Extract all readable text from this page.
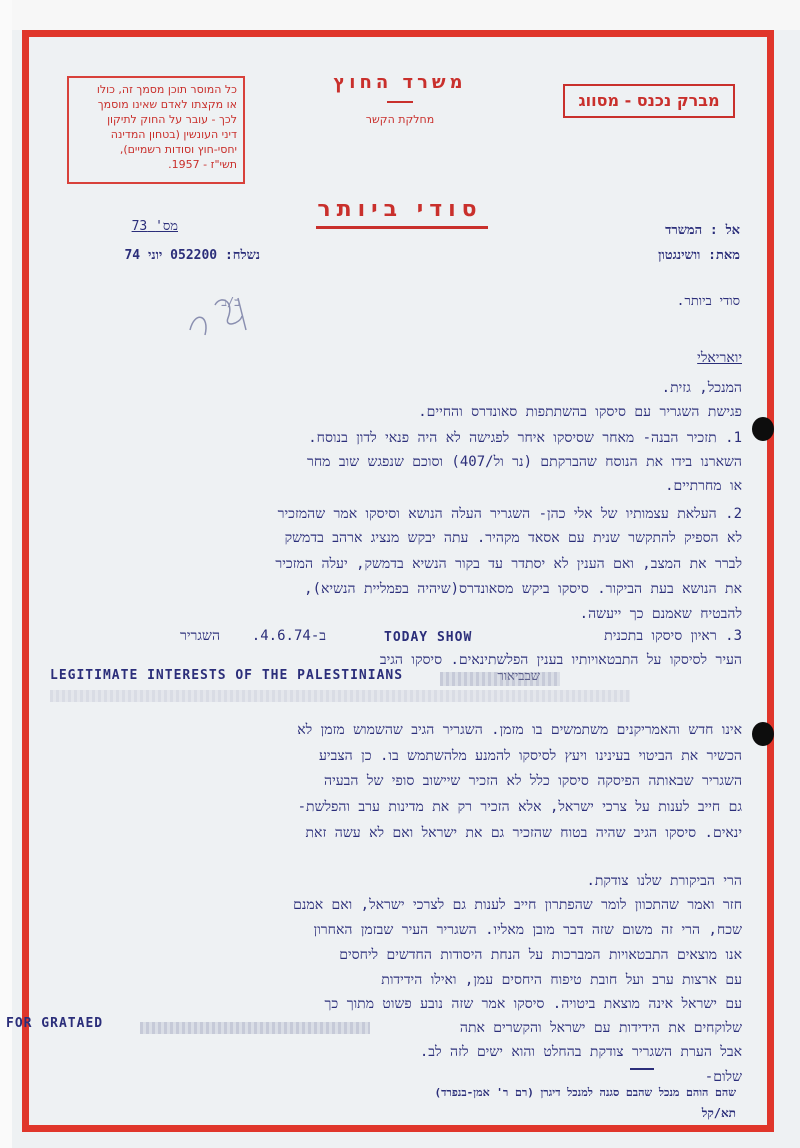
כל המוסר תוכן מסמך זה, כולו
או מקצתו לאדם שאינו מוסמך
לכך - עובר על החוק לתיקון
דיני העונשין (בטחון המדינה
יחסי-חוץ וסודות רשמיים),
תשי"ז - 1957.
משרד החוץ
מחלקת הקשר
מברק נכנס - מסווג
סודי ביותר
מס' 73	אל : המשרד
מאת: וושינגטון
נשלח: 052200 יוני 74
סודי ביותר.
ב/ב
יואריאלי
המנכל, גזית.
פגישת השגריר עם סיסקו בהשתתפות סאונדרס והחיים.
1. תזכיר הבנה- מאחר שסיסקו איחר לפגישה לא היה פנאי לדון בנוסח.
השארנו בידו את הנוסח שהברקתם (נר ול/407) וסוכם שנפגש שוב מחר
או מחרתיים.
2. העלאת עצמותיו של אלי כהן- השגריר העלה הנושא וסיסקו אמר שהמזכיר
לא הספיק להתקשר שנית עם אסאד מקהיר. עתה יבקש מנציג ארהב בדמשק
לברר את המצב, ואם הענין לא יסתדר עד בקור הנשיא בדמשק, יעלה המזכיר
את הנושא בעת הביקור. סיסקו ביקש מסאונדרס(שיהיה בפמליית הנשיא),
להבטיח שאמנם כך ייעשה.
3. ראיון סיסקו בתכנית
TODAY SHOW
ב-4.6.74.
השגריר
העיר לסיסקו על התבטאויותיו בענין הפלשתינאים. סיסקו הגיב
LEGITIMATE INTERESTS OF THE PALESTINIANS	שבביאור
אינו חדש והאמריקנים משתמשים בו מזמן. השגריר הגיב שהשמוש מזמן לא
הכשיר את הביטוי בעינינו ויעץ לסיסקו להמנע מלהשתמש בו. כן הצביע
השגריר שבאותה הפיסקה סיסקו כלל לא הזכיר שיישוב סופי של הבעיה
גם חייב לענות על צרכי ישראל, אלא הזכיר רק את מדינות ערב והפלשת-
ינאים. סיסקו הגיב שהיה בטוח שהזכיר גם את ישראל ואם לא עשה זאת
הרי הביקורת שלנו צודקת.
חזר ואמר שהתכוון לומר שהפתרון חייב לענות גם לצרכי ישראל, ואם אמנם
שכח, הרי זה משום שזה דבר מובן מאליו. השגריר העיר שבזמן האחרון
אנו מוצאים התבטאויות המברכות על הנחת היסודות החדשים ליחסים
עם ארצות ערב ועל חובת טיפוח היחסים עמן, ואילו הידידות
עם ישראל אינה מוצאת ביטויה. סיסקו אמר שזה נובע פשוט מתוך כך
שלוקחים את הידידות עם ישראל והקשרים אתה
FOR GRATAED
אבל הערת השגריר צודקת בהחלט והוא ישים לזה לב.
שלום-
שהם הוהם מנכל שהבם סגנה למנכל דיגרן (רם ר' אמן-בנפרד)
תא/קל
